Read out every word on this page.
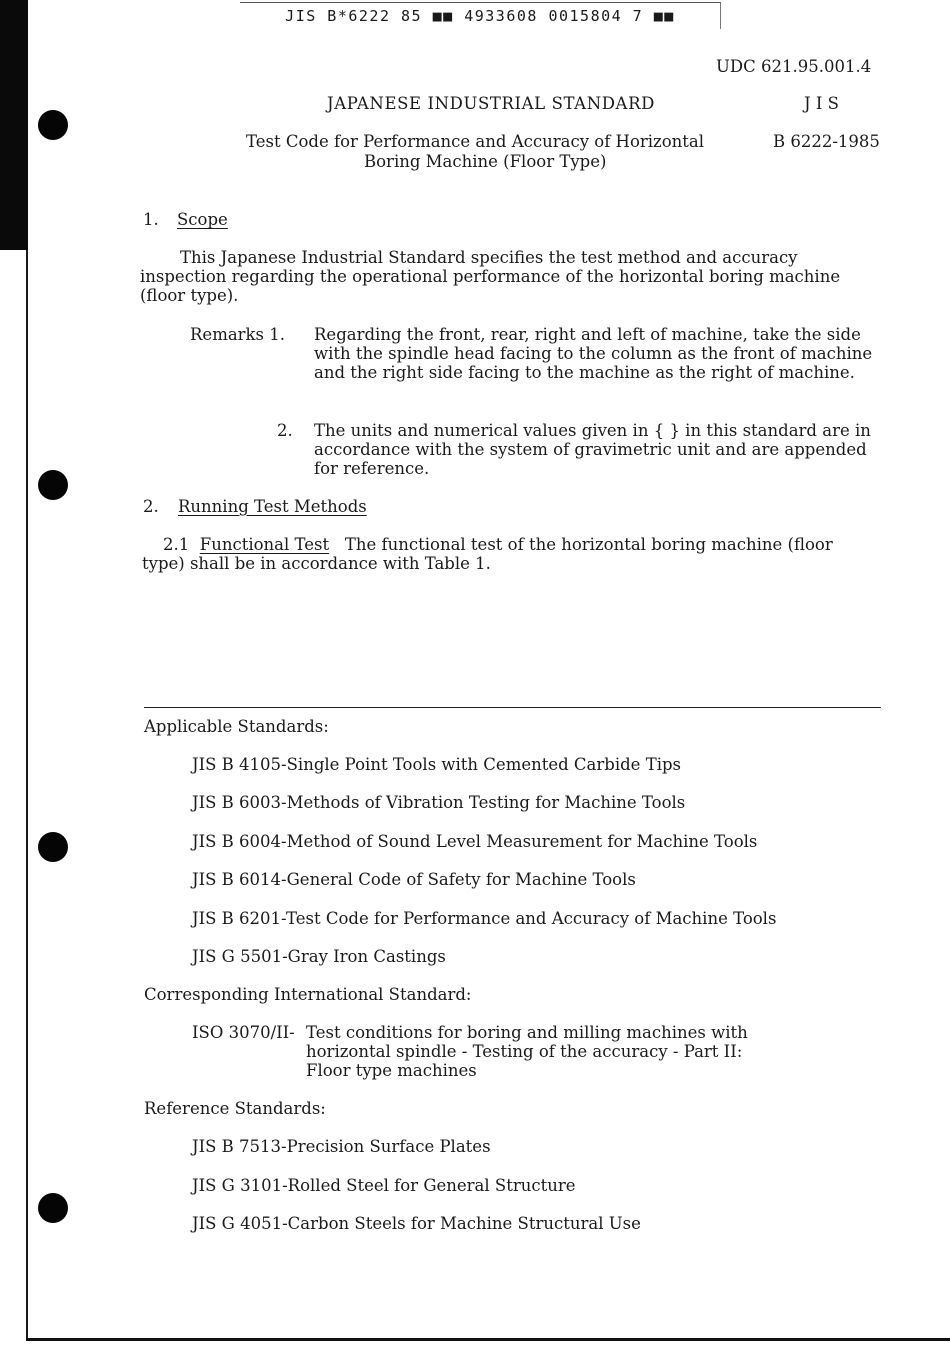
JIS B*6222 85 ■■ 4933608 0015804 7 ■■
UDC 621.95.001.4
JAPANESE INDUSTRIAL STANDARD	J I S
Test Code for Performance and Accuracy of Horizontal	B 6222-1985
Boring Machine (Floor Type)
1. Scope
This Japanese Industrial Standard specifies the test method and accuracy inspection regarding the operational performance of the horizontal boring machine (floor type).
Remarks 1. Regarding the front, rear, right and left of machine, take the side with the spindle head facing to the column as the front of machine and the right side facing to the machine as the right of machine.
2. The units and numerical values given in { } in this standard are in accordance with the system of gravimetric unit and are appended for reference.
2. Running Test Methods
2.1 Functional Test The functional test of the horizontal boring machine (floor type) shall be in accordance with Table 1.
Applicable Standards:
JIS B 4105-Single Point Tools with Cemented Carbide Tips
JIS B 6003-Methods of Vibration Testing for Machine Tools
JIS B 6004-Method of Sound Level Measurement for Machine Tools
JIS B 6014-General Code of Safety for Machine Tools
JIS B 6201-Test Code for Performance and Accuracy of Machine Tools
JIS G 5501-Gray Iron Castings
Corresponding International Standard:
ISO 3070/II- Test conditions for boring and milling machines with
horizontal spindle - Testing of the accuracy - Part II:
Floor type machines
Reference Standards:
JIS B 7513-Precision Surface Plates
JIS G 3101-Rolled Steel for General Structure
JIS G 4051-Carbon Steels for Machine Structural Use
